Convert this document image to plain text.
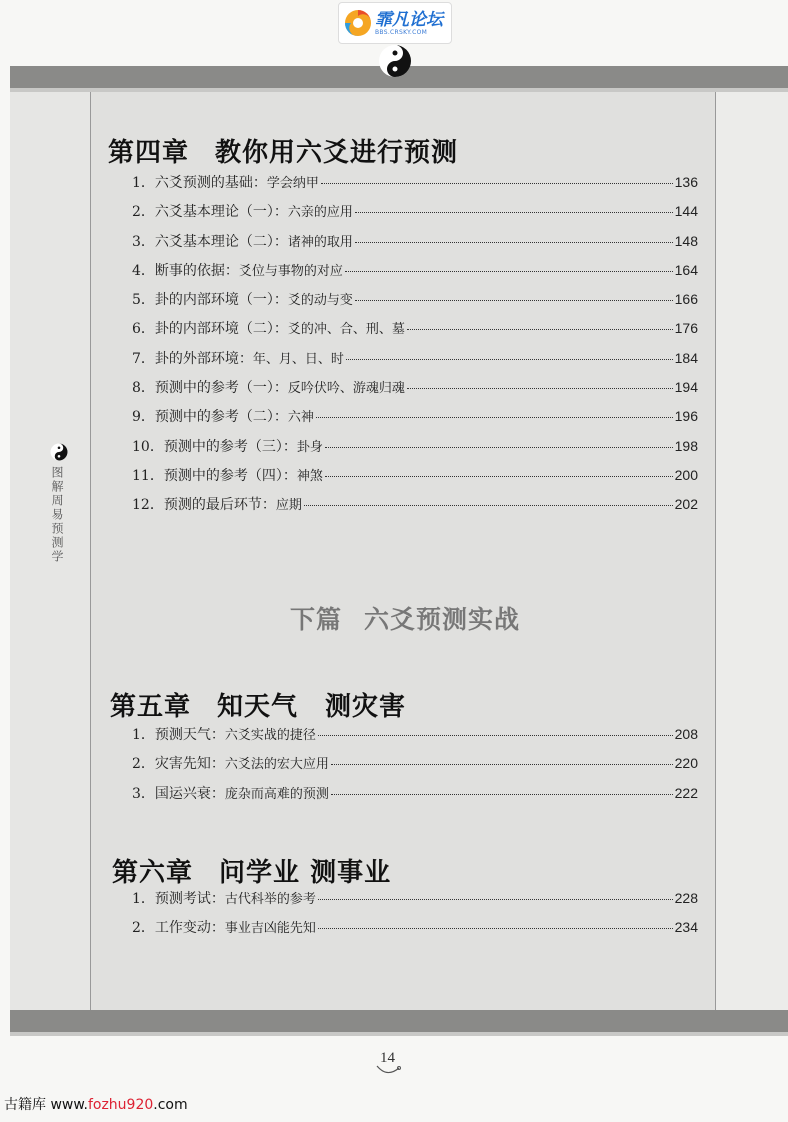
霏凡论坛
BBS.CRSKY.COM
图解周易预测学
第四章 教你用六爻进行预测
1． 六爻预测的基础： 学会纳甲	136
2． 六爻基本理论（一）： 六亲的应用	144
3． 六爻基本理论（二）： 诸神的取用	148
4． 断事的依据： 爻位与事物的对应	164
5． 卦的内部环境（一）： 爻的动与变	166
6． 卦的内部环境（二）： 爻的冲、合、刑、墓	176
7． 卦的外部环境： 年、月、日、时	184
8． 预测中的参考（一）： 反吟伏吟、游魂归魂	194
9． 预测中的参考（二）： 六神	196
10． 预测中的参考（三）： 卦身	198
11． 预测中的参考（四）： 神煞	200
12． 预测的最后环节： 应期	202
下篇 六爻预测实战
第五章 知天气　测灾害
1． 预测天气： 六爻实战的捷径	208
2． 灾害先知： 六爻法的宏大应用	220
3． 国运兴衰： 庞杂而高难的预测	222
第六章 问学业 测事业
1． 预测考试： 古代科举的参考	228
2． 工作变动： 事业吉凶能先知	234
14
古籍库 www.fozhu920.com
